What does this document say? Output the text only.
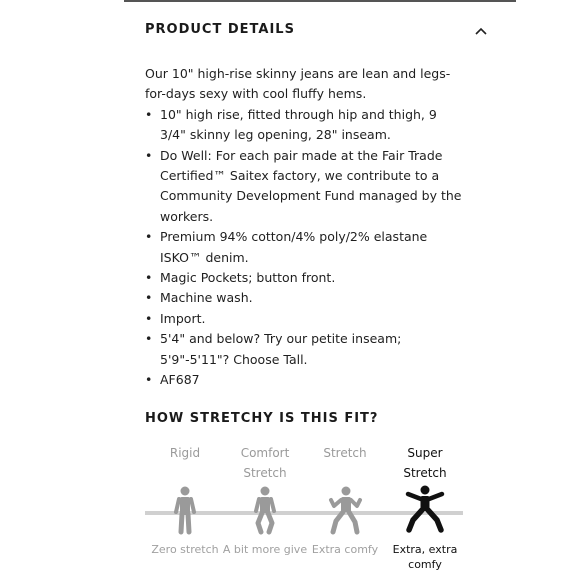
PRODUCT DETAILS

Our 10" high-rise skinny jeans are lean and legs-for-days sexy with cool fluffy hems.

• 10" high rise, fitted through hip and thigh, 9 3/4" skinny leg opening, 28" inseam.
• Do Well: For each pair made at the Fair Trade Certified™ Saitex factory, we contribute to a Community Development Fund managed by the workers.
• Premium 94% cotton/4% poly/2% elastane ISKO™ denim.
• Magic Pockets; button front.
• Machine wash.
• Import.
• 5'4" and below? Try our petite inseam; 5'9"-5'11"? Choose Tall.
• AF687
HOW STRETCHY IS THIS FIT?
Rigid
Zero stretch
Comfort Stretch
A bit more give
Stretch
Extra comfy
Super Stretch
Extra, extra comfy
